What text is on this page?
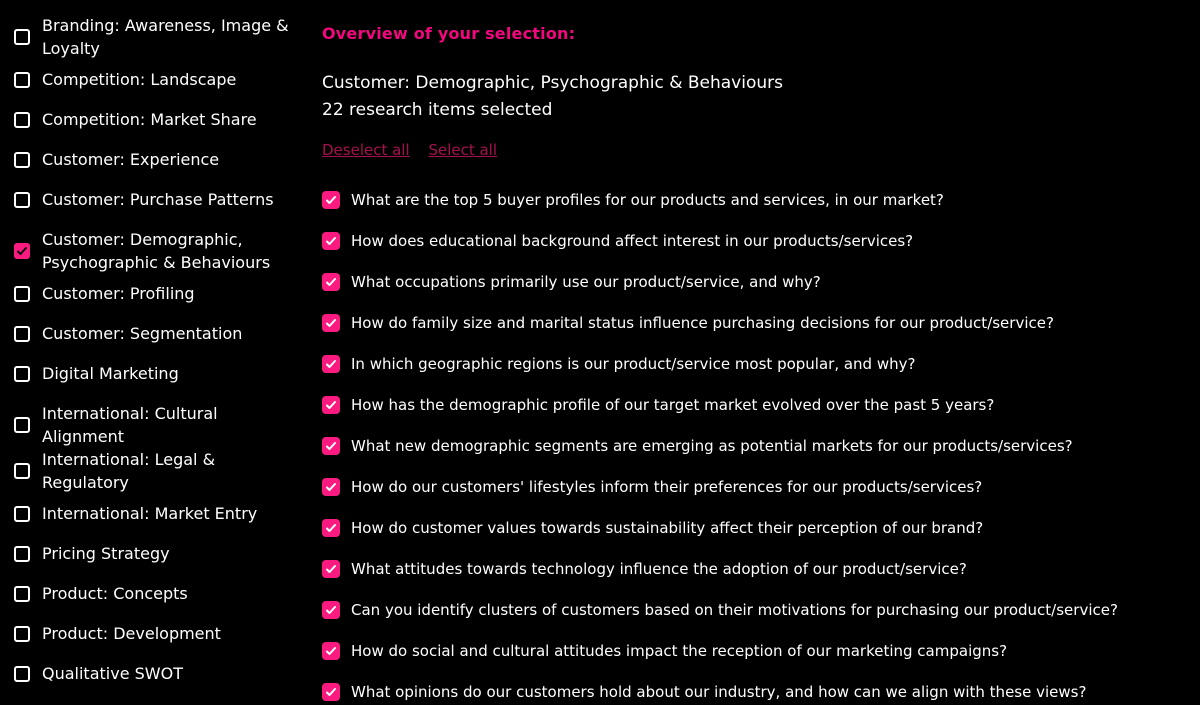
Branding: Awareness, Image & Loyalty
Competition: Landscape
Competition: Market Share
Customer: Experience
Customer: Purchase Patterns
Customer: Demographic, Psychographic & Behaviours
Customer: Profiling
Customer: Segmentation
Digital Marketing
International: Cultural Alignment
International: Legal & Regulatory
International: Market Entry
Pricing Strategy
Product: Concepts
Product: Development
Qualitative SWOT
Overview of your selection:
Customer: Demographic, Psychographic & Behaviours
22 research items selected
Deselect all Select all
What are the top 5 buyer profiles for our products and services, in our market?
How does educational background affect interest in our products/services?
What occupations primarily use our product/service, and why?
How do family size and marital status influence purchasing decisions for our product/service?
In which geographic regions is our product/service most popular, and why?
How has the demographic profile of our target market evolved over the past 5 years?
What new demographic segments are emerging as potential markets for our products/services?
How do our customers' lifestyles inform their preferences for our products/services?
How do customer values towards sustainability affect their perception of our brand?
What attitudes towards technology influence the adoption of our product/service?
Can you identify clusters of customers based on their motivations for purchasing our product/service?
How do social and cultural attitudes impact the reception of our marketing campaigns?
What opinions do our customers hold about our industry, and how can we align with these views?
